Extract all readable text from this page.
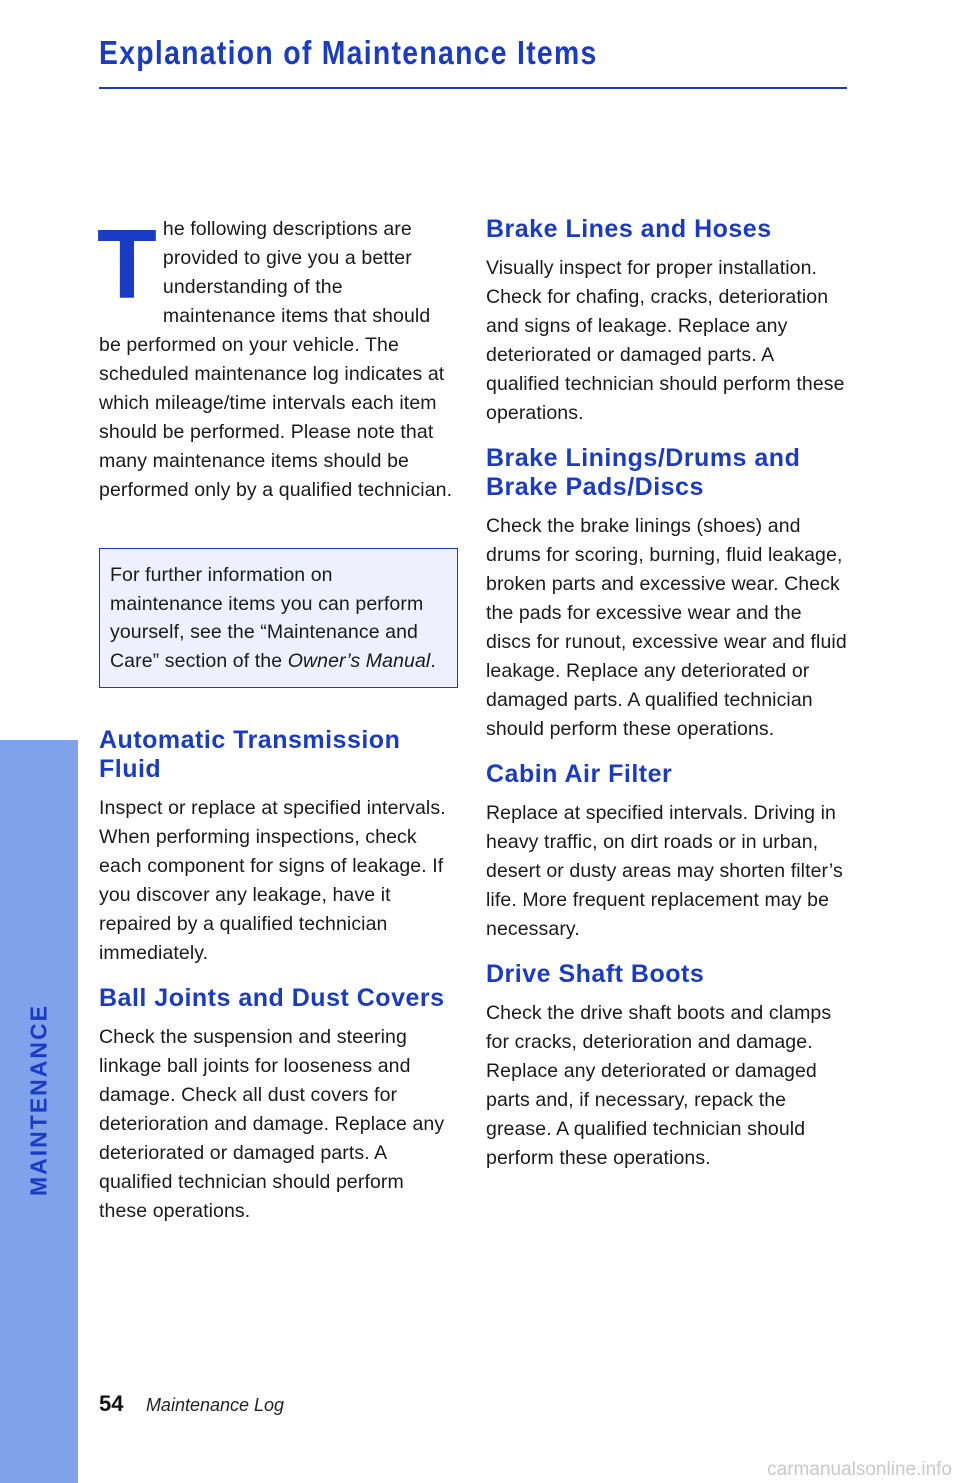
Explanation of Maintenance Items
T he following descriptions are provided to give you a better understanding of the maintenance items that should be performed on your vehicle. The scheduled maintenance log indicates at which mileage/time intervals each item should be performed. Please note that many maintenance items should be performed only by a qualified technician.

For further information on maintenance items you can perform yourself, see the “Maintenance and Care” section of the Owner’s Manual.

Automatic Transmission Fluid

Inspect or replace at specified intervals. When performing inspections, check each component for signs of leakage. If you discover any leakage, have it repaired by a qualified technician immediately.

Ball Joints and Dust Covers

Check the suspension and steering linkage ball joints for looseness and damage. Check all dust covers for deterioration and damage. Replace any deteriorated or damaged parts. A qualified technician should perform these operations.

Brake Lines and Hoses

Visually inspect for proper installation. Check for chafing, cracks, deterioration and signs of leakage. Replace any deteriorated or damaged parts. A qualified technician should perform these operations.

Brake Linings/Drums and Brake Pads/Discs

Check the brake linings (shoes) and drums for scoring, burning, fluid leakage, broken parts and excessive wear. Check the pads for excessive wear and the discs for runout, excessive wear and fluid leakage. Replace any deteriorated or damaged parts. A qualified technician should perform these operations.

Cabin Air Filter

Replace at specified intervals. Driving in heavy traffic, on dirt roads or in urban, desert or dusty areas may shorten filter’s life. More frequent replacement may be necessary.

Drive Shaft Boots

Check the drive shaft boots and clamps for cracks, deterioration and damage. Replace any deteriorated or damaged parts and, if necessary, repack the grease. A qualified technician should perform these operations.

MAINTENANCE
54 Maintenance Log
carmanualsonline.info
